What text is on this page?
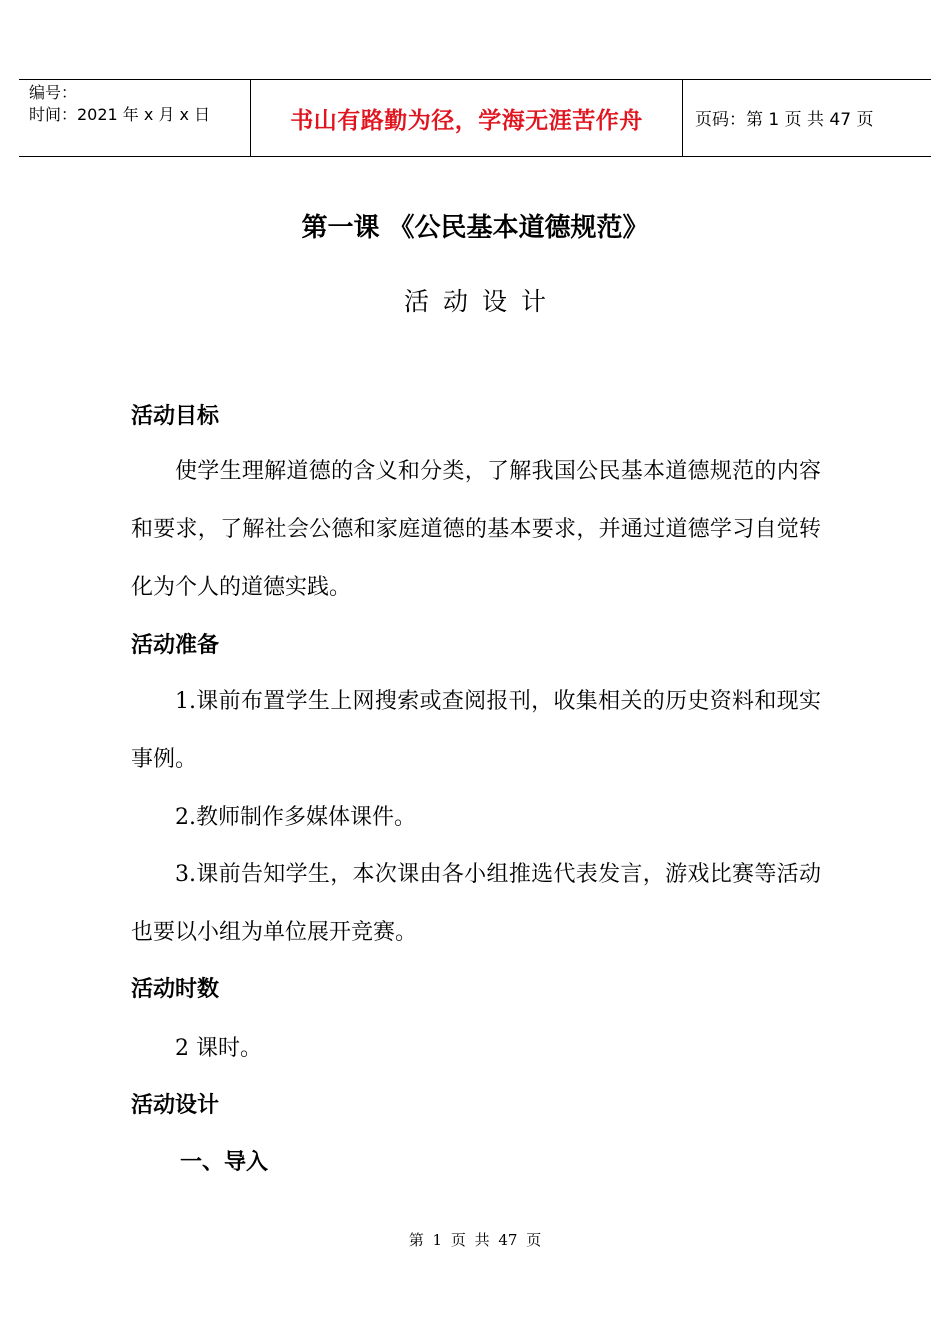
编号：
时间：2021 年 x 月 x 日	书山有路勤为径，学海无涯苦作舟	页码：第 1 页 共 47 页
第一课 《公民基本道德规范》
活动设计
活动目标
使学生理解道德的含义和分类，了解我国公民基本道德规范的内容和要求，了解社会公德和家庭道德的基本要求，并通过道德学习自觉转化为个人的道德实践。
活动准备
1.课前布置学生上网搜索或查阅报刊，收集相关的历史资料和现实事例。
2.教师制作多媒体课件。
3.课前告知学生，本次课由各小组推选代表发言，游戏比赛等活动也要以小组为单位展开竞赛。
活动时数
2 课时。
活动设计
一、导入
第 1 页 共 47 页
